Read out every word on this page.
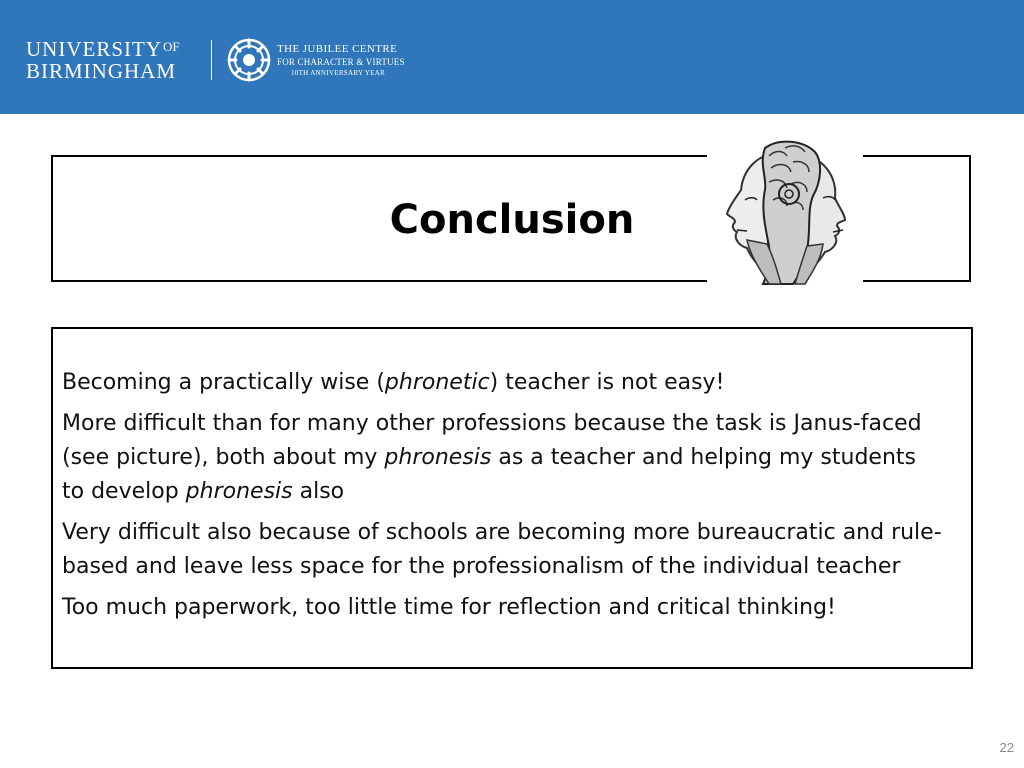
$UNIVERSITY^{OF}$
BIRMINGHAM
THE JUBILEE CENTRE
FOR CHARACTER & VIRTUES
10TH ANNIVERSARY YEAR
Conclusion

Becoming a practically wise (phronetic) teacher is not easy!

More difficult than for many other professions because the task is Janus-faced (see picture), both about my phronesis as a teacher and helping my students to develop phronesis also

Very difficult also because of schools are becoming more bureaucratic and rule-based and leave less space for the professionalism of the individual teacher

Too much paperwork, too little time for reflection and critical thinking!

22
